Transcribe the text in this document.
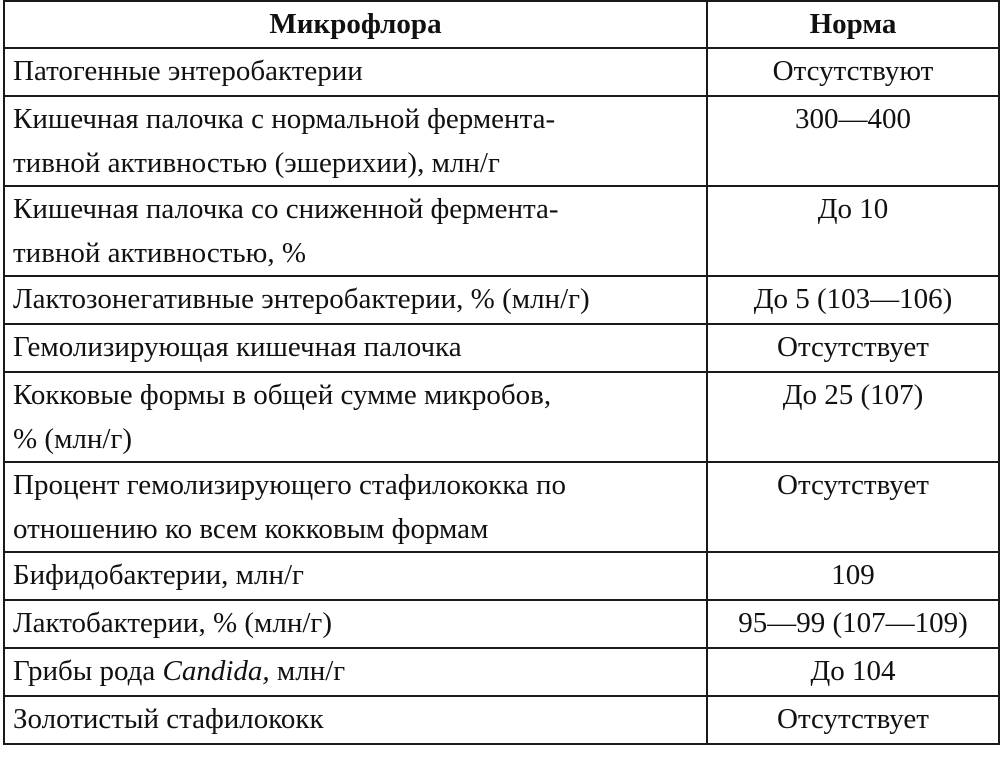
Микрофлора	Норма
Патогенные энтеробактерии	Отсутствуют
Кишечная палочка с нормальной фермента-
тивной активностью (эшерихии), млн/г	300—400
Кишечная палочка со сниженной фермента-
тивной активностью, %	До 10
Лактозонегативные энтеробактерии, % (млн/г)	До 5 (103—106)
Гемолизирующая кишечная палочка	Отсутствует
Кокковые формы в общей сумме микробов,
% (млн/г)	До 25 (107)
Процент гемолизирующего стафилококка по
отношению ко всем кокковым формам	Отсутствует
Бифидобактерии, млн/г	109
Лактобактерии, % (млн/г)	95—99 (107—109)
Грибы рода Candida, млн/г	До 104
Золотистый стафилококк	Отсутствует
